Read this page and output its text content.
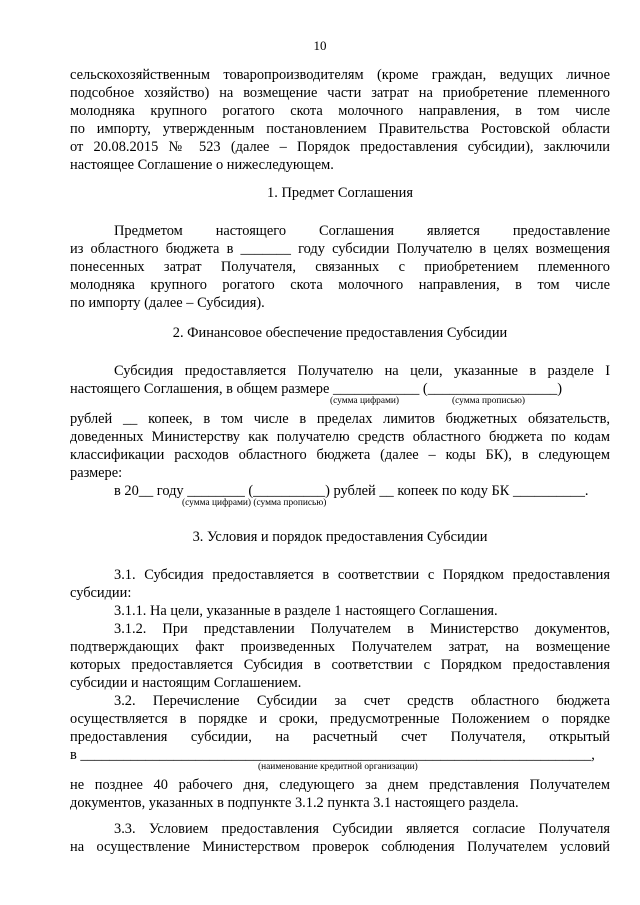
10
сельскохозяйственным товаропроизводителям (кроме граждан, ведущих личное
подсобное хозяйство) на возмещение части затрат на приобретение племенного
молодняка крупного рогатого скота молочного направления, в том числе
по импорту, утвержденным постановлением Правительства Ростовской области
от 20.08.2015 № 523 (далее – Порядок предоставления субсидии), заключили
настоящее Соглашение о нижеследующем.
1. Предмет Соглашения
Предметом настоящего Соглашения является предоставление
из областного бюджета в _______ году субсидии Получателю в целях возмещения
понесенных затрат Получателя, связанных с приобретением племенного
молодняка крупного рогатого скота молочного направления, в том числе
по импорту (далее – Субсидия).
2. Финансовое обеспечение предоставления Субсидии
Субсидия предоставляется Получателю на цели, указанные в разделе I
настоящего Соглашения, в общем размере ____________ (__________________)
(сумма цифрами)	(сумма прописью)
рублей __ копеек, в том числе в пределах лимитов бюджетных обязательств,
доведенных Министерству как получателю средств областного бюджета по кодам
классификации расходов областного бюджета (далее – коды БК), в следующем
размере:
в 20__ году ________ (__________) рублей __ копеек по коду БК __________.
(сумма цифрами) (сумма прописью)
3. Условия и порядок предоставления Субсидии
3.1. Субсидия предоставляется в соответствии с Порядком предоставления
субсидии:
3.1.1. На цели, указанные в разделе 1 настоящего Соглашения.
3.1.2. При представлении Получателем в Министерство документов,
подтверждающих факт произведенных Получателем затрат, на возмещение
которых предоставляется Субсидия в соответствии с Порядком предоставления
субсидии и настоящим Соглашением.
3.2. Перечисление Субсидии за счет средств областного бюджета
осуществляется в порядке и сроки, предусмотренные Положением о порядке
предоставления субсидии, на расчетный счет Получателя, открытый
в _______________________________________________________________________,
(наименование кредитной организации)
не позднее 40 рабочего дня, следующего за днем представления Получателем
документов, указанных в подпункте 3.1.2 пункта 3.1 настоящего раздела.
3.3. Условием предоставления Субсидии является согласие Получателя
на осуществление Министерством проверок соблюдения Получателем условий
